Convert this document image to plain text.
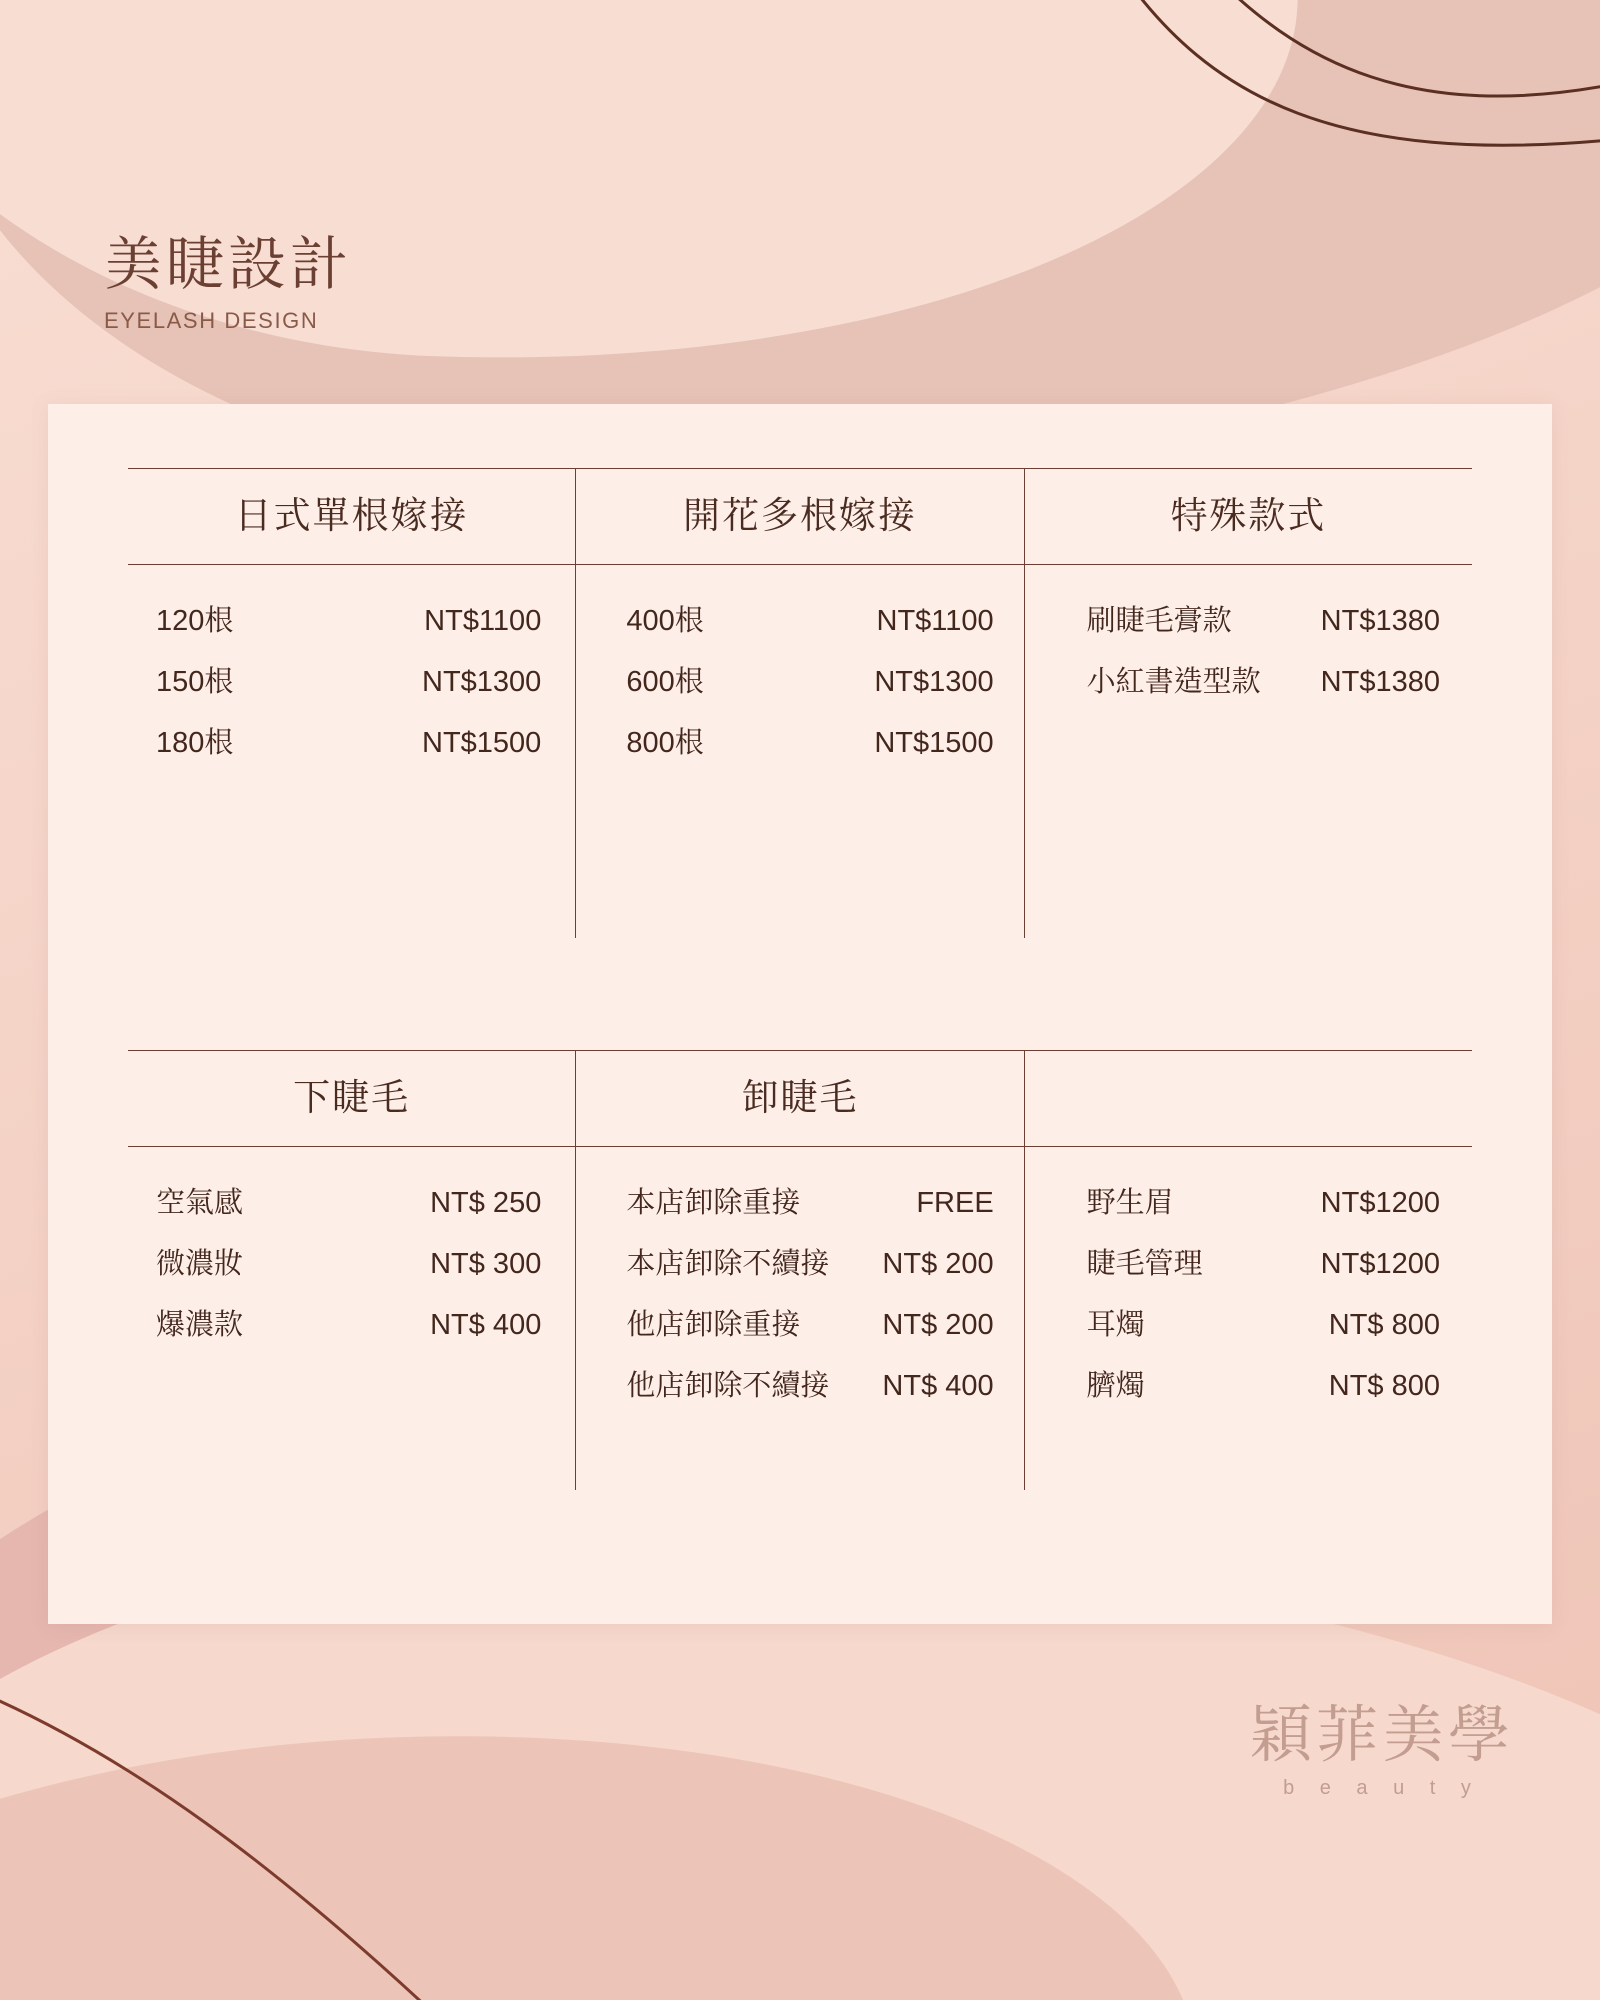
美睫設計
EYELASH DESIGN
日式單根嫁接
120根	NT$1100
150根	NT$1300
180根	NT$1500
開花多根嫁接
400根	NT$1100
600根	NT$1300
800根	NT$1500
特殊款式
刷睫毛膏款	NT$1380
小紅書造型款 NT$1380
下睫毛
空氣感	NT$ 250
微濃妝	NT$ 300
爆濃款	NT$ 400
卸睫毛
本店卸除重接	FREE
本店卸除不續接	NT$ 200
他店卸除重接	NT$ 200
他店卸除不續接	NT$ 400
野生眉	NT$1200
睫毛管理	NT$1200
耳燭	NT$ 800
臍燭	NT$ 800
穎菲美學
b e a u t y
